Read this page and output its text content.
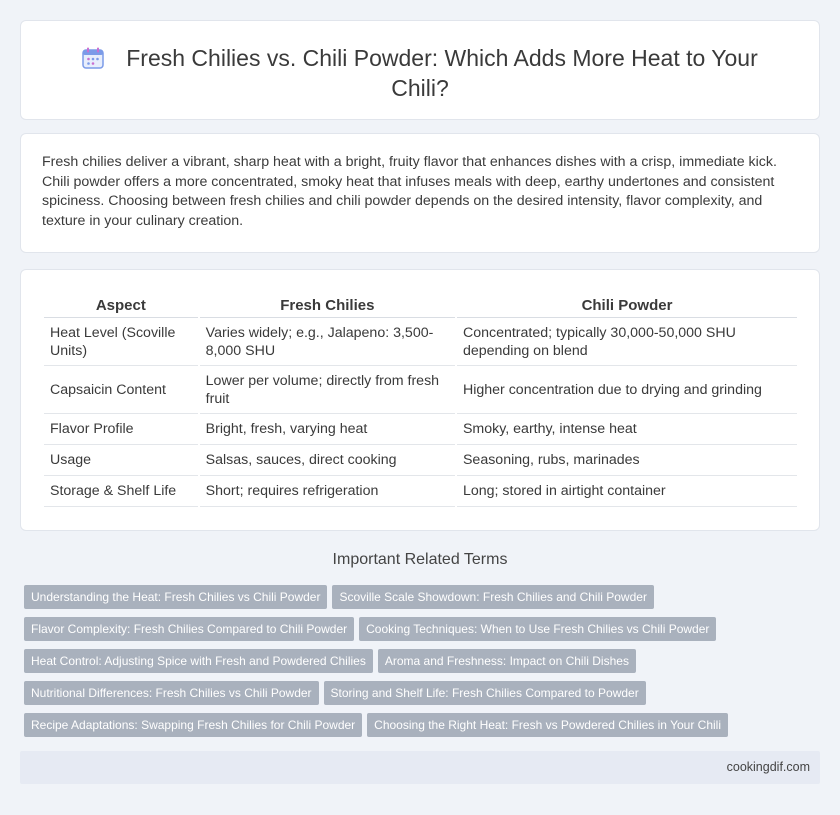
Fresh Chilies vs. Chili Powder: Which Adds More Heat to Your Chili?

Fresh chilies deliver a vibrant, sharp heat with a bright, fruity flavor that enhances dishes with a crisp, immediate kick. Chili powder offers a more concentrated, smoky heat that infuses meals with deep, earthy undertones and consistent spiciness. Choosing between fresh chilies and chili powder depends on the desired intensity, flavor complexity, and texture in your culinary creation.

Aspect	Fresh Chilies	Chili Powder
Heat Level (Scoville Units)	Varies widely; e.g., Jalapeno: 3,500-8,000 SHU	Concentrated; typically 30,000-50,000 SHU depending on blend
Capsaicin Content	Lower per volume; directly from fresh fruit	Higher concentration due to drying and grinding
Flavor Profile	Bright, fresh, varying heat	Smoky, earthy, intense heat
Usage	Salsas, sauces, direct cooking	Seasoning, rubs, marinades
Storage & Shelf Life	Short; requires refrigeration	Long; stored in airtight container
Important Related Terms
Understanding the Heat: Fresh Chilies vs Chili Powder Scoville Scale Showdown: Fresh Chilies and Chili Powder
Flavor Complexity: Fresh Chilies Compared to Chili Powder Cooking Techniques: When to Use Fresh Chilies vs Chili Powder
Heat Control: Adjusting Spice with Fresh and Powdered Chilies Aroma and Freshness: Impact on Chili Dishes
Nutritional Differences: Fresh Chilies vs Chili Powder Storing and Shelf Life: Fresh Chilies Compared to Powder
Recipe Adaptations: Swapping Fresh Chilies for Chili Powder Choosing the Right Heat: Fresh vs Powdered Chilies in Your Chili
cookingdif.com
